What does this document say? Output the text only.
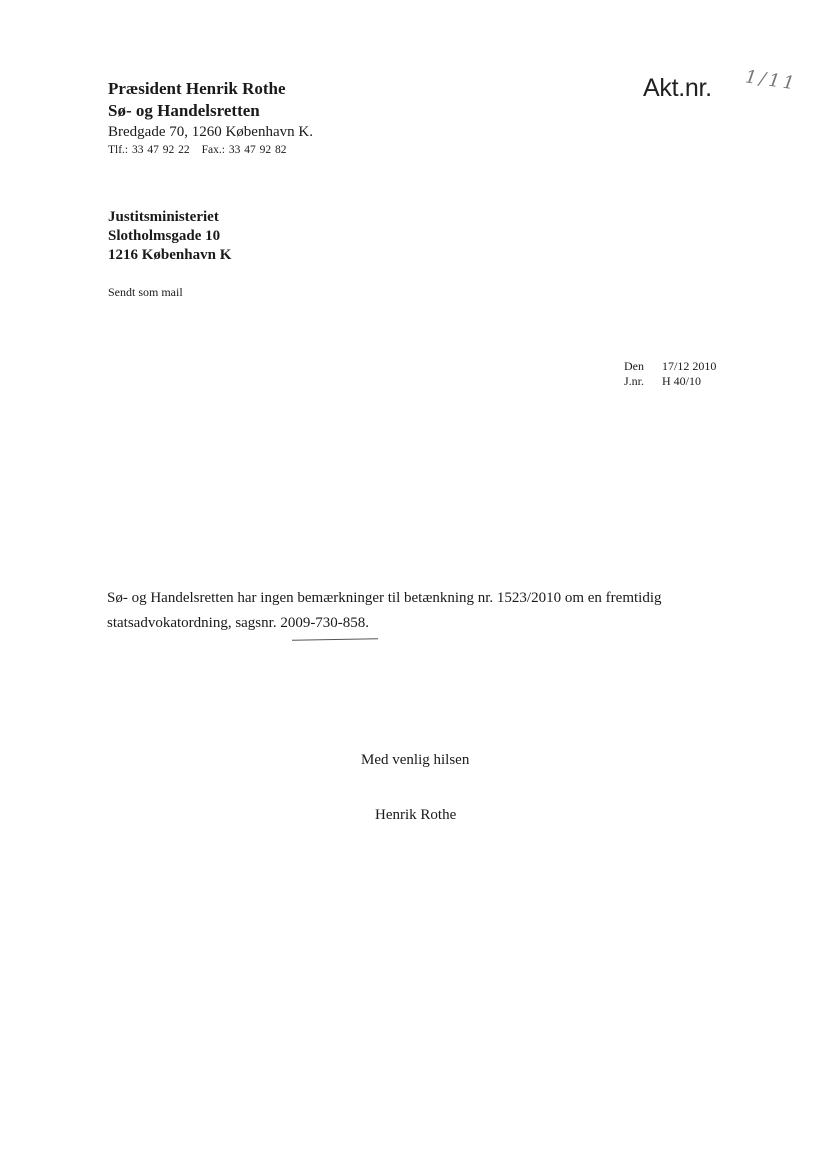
Præsident Henrik Rothe
Sø- og Handelsretten
Bredgade 70, 1260 København K.
Tlf.: 33 47 92 22 Fax.: 33 47 92 82
Akt.nr. 1/11
Justitsministeriet
Slotholmsgade 10
1216 København K
Sendt som mail
Den 17/12 2010
J.nr. H 40/10
Sø- og Handelsretten har ingen bemærkninger til betænkning nr. 1523/2010 om en fremtidig statsadvokatordning, sagsnr. 2009-730-858.
Med venlig hilsen
Henrik Rothe
